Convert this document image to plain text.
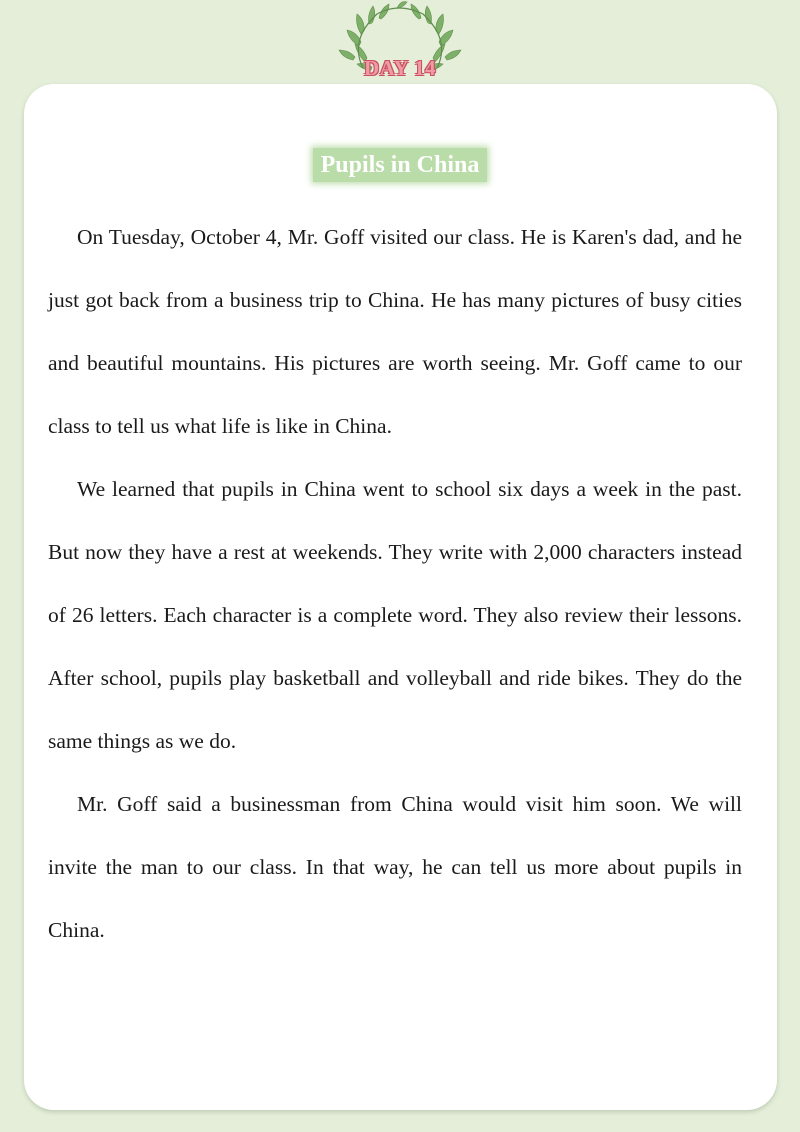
DAY 14
Pupils in China

On Tuesday, October 4, Mr. Goff visited our class. He is Karen's dad, and he just got back from a business trip to China. He has many pictures of busy cities and beautiful mountains. His pictures are worth seeing. Mr. Goff came to our class to tell us what life is like in China.

We learned that pupils in China went to school six days a week in the past. But now they have a rest at weekends. They write with 2,000 characters instead of 26 letters. Each character is a complete word. They also review their lessons. After school, pupils play basketball and volleyball and ride bikes. They do the same things as we do.

Mr. Goff said a businessman from China would visit him soon. We will invite the man to our class. In that way, he can tell us more about pupils in China.
